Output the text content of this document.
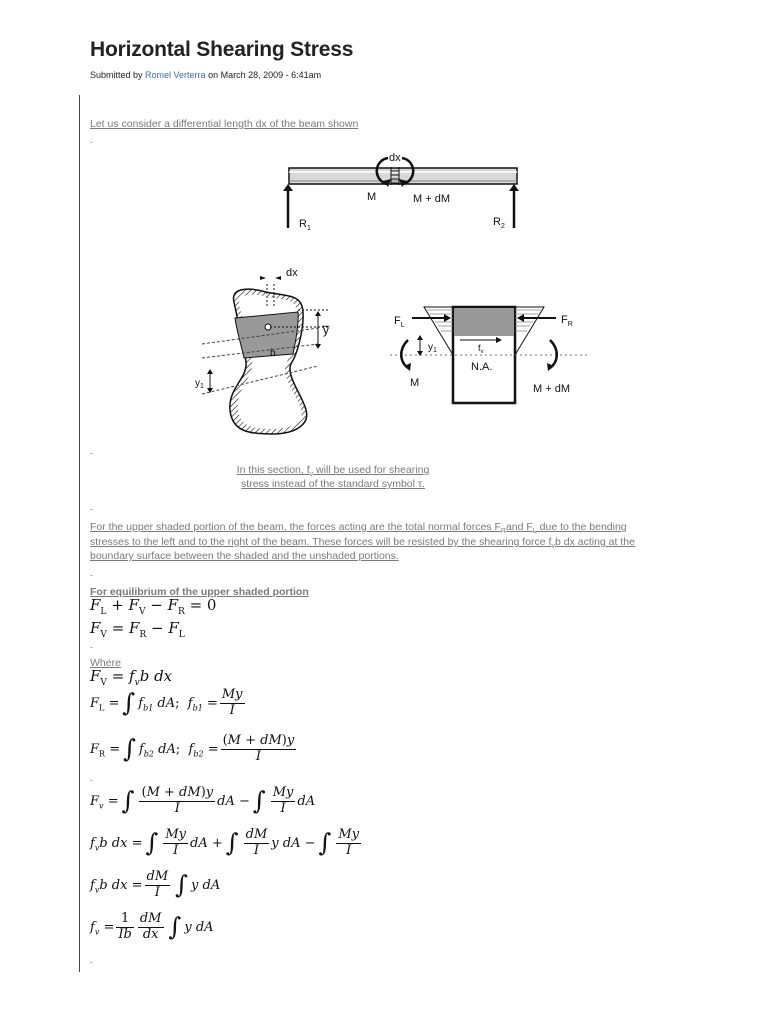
Horizontal Shearing Stress
Submitted by Romel Verterra on March 28, 2009 - 6:41am
Let us consider a differential length dx of the beam shown
-
dx
M	M + dM
$R_1$
$R_2$
y̅
dx
b
$y_1$
$F_L$	$F_R$
$y_1$	$f_v$
N.A.
M	M + dM
-
In this section, $f_v$ will be used for shearing
stress instead of the standard symbol τ.
-
For the upper shaded portion of the beam, the forces acting are the total normal forces $F_Rand$ $F_L$ due to the bending
stresses to the left and to the right of the beam. These forces will be resisted by the shearing force $f_vb$ dx acting at the
boundary surface between the shaded and the unshaded portions.
-
For equilibrium of the upper shaded portion
$F_L + F_V - F_R = 0$
$F_V = F_R - F_L$
-
Where
$F_V = f_vb$ dx
$F_L$ = ∫ $f_{b1}$ dA;  $f_{b1} = \frac{My}{I}$
$F_R$ = ∫ $f_{b2}$ dA;  $f_{b2} = \frac{(M + dM)y}{I}$
-
$F_v$ = ∫ $\frac{(M + dM)y}{I}$ dA − ∫ $\frac{My}{I}$ dA
$f_vb$ dx = ∫ $\frac{My}{I}$ dA + ∫ $\frac{dM}{I}$ y dA − ∫ $\frac{My}{I}$
$f_vb$ dx = $\frac{dM}{I}$ ∫ y dA
$f_v = \frac{1}{Ib} \frac{dM}{dx}$ ∫ y dA
-
